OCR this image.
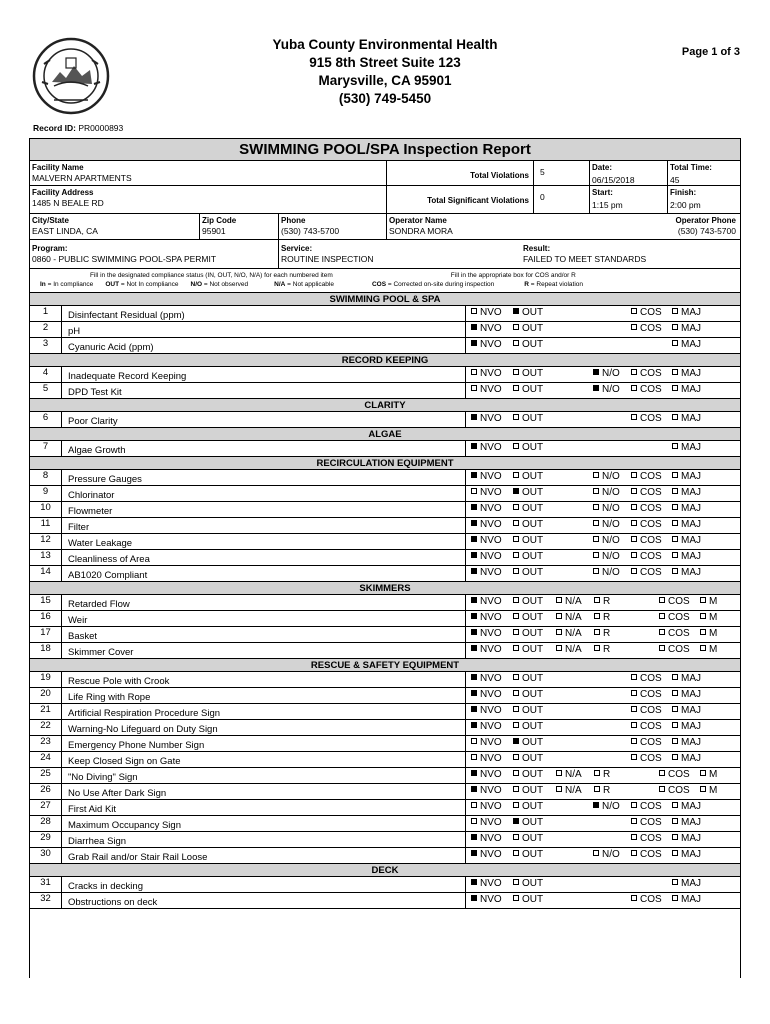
Yuba County Environmental Health
915 8th Street Suite 123
Marysville, CA 95901
(530) 749-5450
Page 1 of 3
Record ID: PR0000893
SWIMMING POOL/SPA Inspection Report
Facility Name
MALVERN APARTMENTS	Total Violations	5	Date:
06/15/2018
Total Time:
45
Facility Address
1485 N BEALE RD	Total Significant Violations	0	Start:
1:15 pm
Finish:
2:00 pm
City/State
EAST LINDA, CA
Zip Code
95901
Phone
(530) 743-5700
Operator Name
SONDRA MORA
Operator Phone
(530) 743-5700
Program:
0860 - PUBLIC SWIMMING POOL-SPA PERMIT
Service:
ROUTINE INSPECTION
Result:
FAILED TO MEET STANDARDS
Fill in the designated compliance status (IN, OUT, N/O, N/A) for each numbered item	Fill in the appropriate box for COS and/or R
In = In compliance OUT = Not In compliance N/O = Not observed	N/A = Not applicable	COS = Corrected on-site during inspection	R = Repeat violation
SWIMMING POOL & SPA
1	Disinfectant Residual (ppm)	NVO	OUT	COS	MAJ
2	pH	NVO	OUT	COS	MAJ
3	Cyanuric Acid (ppm)	NVO	OUT	MAJ
RECORD KEEPING
4	Inadequate Record Keeping	NVO	OUT	N/O	COS	MAJ
5	DPD Test Kit	NVO	OUT	N/O	COS	MAJ
CLARITY
6	Poor Clarity	NVO	OUT	COS	MAJ
ALGAE
7	Algae Growth	NVO	OUT	MAJ
RECIRCULATION EQUIPMENT
8	Pressure Gauges	NVO	OUT	N/O	COS	MAJ
9	Chlorinator	NVO	OUT	N/O	COS	MAJ
10	Flowmeter	NVO	OUT	N/O	COS	MAJ
11	Filter	NVO	OUT	N/O	COS	MAJ
12	Water Leakage	NVO	OUT	N/O	COS	MAJ
13	Cleanliness of Area	NVO	OUT	N/O	COS	MAJ
14	AB1020 Compliant	NVO	OUT	N/O	COS	MAJ
SKIMMERS
15	Retarded Flow	NVO	OUT	N/A	R	COS	M
16	Weir	NVO	OUT	N/A	R	COS	M
17	Basket	NVO	OUT	N/A	R	COS	M
18	Skimmer Cover	NVO	OUT	N/A	R	COS	M
RESCUE & SAFETY EQUIPMENT
19	Rescue Pole with Crook	NVO	OUT	COS	MAJ
20	Life Ring with Rope	NVO	OUT	COS	MAJ
21	Artificial Respiration Procedure Sign	NVO	OUT	COS	MAJ
22	Warning-No Lifeguard on Duty Sign	NVO	OUT	COS	MAJ
23	Emergency Phone Number Sign	NVO	OUT	COS	MAJ
24	Keep Closed Sign on Gate	NVO	OUT	COS	MAJ
25	"No Diving" Sign	NVO	OUT	N/A	R	COS	M
26	No Use After Dark Sign	NVO	OUT	N/A	R	COS	M
27	First Aid Kit	NVO	OUT	N/O	COS	MAJ
28	Maximum Occupancy Sign	NVO	OUT	COS	MAJ
29	Diarrhea Sign	NVO	OUT	COS	MAJ
30	Grab Rail and/or Stair Rail Loose	NVO	OUT	N/O	COS	MAJ
DECK
31	Cracks in decking	NVO	OUT	MAJ
32	Obstructions on deck	NVO	OUT	COS	MAJ
